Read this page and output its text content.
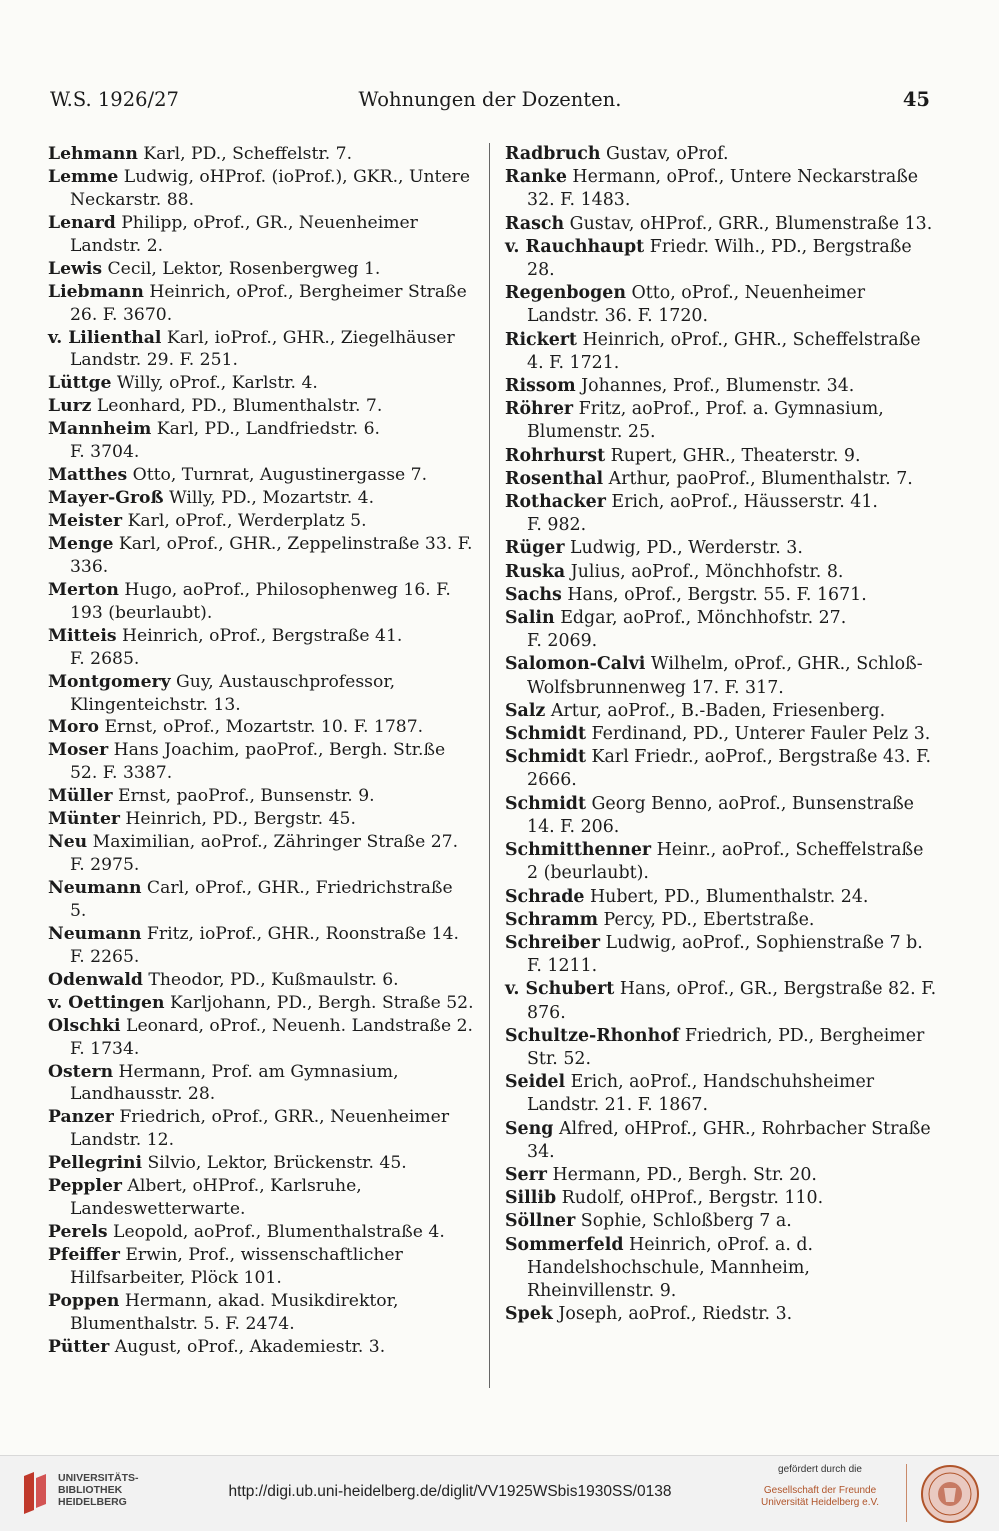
W.S. 1926/27	Wohnungen der Dozenten.	45
Lehmann Karl, PD., Scheffelstr. 7.
Lemme Ludwig, oHProf. (ioProf.), GKR., Untere Neckarstr. 88.
Lenard Philipp, oProf., GR., Neuenheimer Landstr. 2.
Lewis Cecil, Lektor, Rosenbergweg 1.
Liebmann Heinrich, oProf., Bergheimer Straße 26. F. 3670.
v. Lilienthal Karl, ioProf., GHR., Ziegelhäuser Landstr. 29. F. 251.
Lüttge Willy, oProf., Karlstr. 4.
Lurz Leonhard, PD., Blumenthalstr. 7.
Mannheim Karl, PD., Landfriedstr. 6.
F. 3704.
Matthes Otto, Turnrat, Augustinergasse 7.
Mayer-Groß Willy, PD., Mozartstr. 4.
Meister Karl, oProf., Werderplatz 5.
Menge Karl, oProf., GHR., Zeppelinstraße 33. F. 336.
Merton Hugo, aoProf., Philosophenweg 16. F. 193 (beurlaubt).
Mitteis Heinrich, oProf., Bergstraße 41.
F. 2685.
Montgomery Guy, Austauschprofessor, Klingenteichstr. 13.
Moro Ernst, oProf., Mozartstr. 10. F. 1787.
Moser Hans Joachim, paoProf., Bergh. Str.ße 52. F. 3387.
Müller Ernst, paoProf., Bunsenstr. 9.
Münter Heinrich, PD., Bergstr. 45.
Neu Maximilian, aoProf., Zähringer Straße 27. F. 2975.
Neumann Carl, oProf., GHR., Friedrichstraße 5.
Neumann Fritz, ioProf., GHR., Roonstraße 14. F. 2265.
Odenwald Theodor, PD., Kußmaulstr. 6.
v. Oettingen Karljohann, PD., Bergh. Straße 52.
Olschki Leonard, oProf., Neuenh. Landstraße 2. F. 1734.
Ostern Hermann, Prof. am Gymnasium, Landhausstr. 28.
Panzer Friedrich, oProf., GRR., Neuenheimer Landstr. 12.
Pellegrini Silvio, Lektor, Brückenstr. 45.
Peppler Albert, oHProf., Karlsruhe, Landeswetterwarte.
Perels Leopold, aoProf., Blumenthalstraße 4.
Pfeiffer Erwin, Prof., wissenschaftlicher Hilfsarbeiter, Plöck 101.
Poppen Hermann, akad. Musikdirektor, Blumenthalstr. 5. F. 2474.
Pütter August, oProf., Akademiestr. 3.
Radbruch Gustav, oProf.
Ranke Hermann, oProf., Untere Neckarstraße 32. F. 1483.
Rasch Gustav, oHProf., GRR., Blumenstraße 13.
v. Rauchhaupt Friedr. Wilh., PD., Bergstraße 28.
Regenbogen Otto, oProf., Neuenheimer Landstr. 36. F. 1720.
Rickert Heinrich, oProf., GHR., Scheffelstraße 4. F. 1721.
Rissom Johannes, Prof., Blumenstr. 34.
Röhrer Fritz, aoProf., Prof. a. Gymnasium, Blumenstr. 25.
Rohrhurst Rupert, GHR., Theaterstr. 9.
Rosenthal Arthur, paoProf., Blumenthalstr. 7.
Rothacker Erich, aoProf., Häusserstr. 41.
F. 982.
Rüger Ludwig, PD., Werderstr. 3.
Ruska Julius, aoProf., Mönchhofstr. 8.
Sachs Hans, oProf., Bergstr. 55. F. 1671.
Salin Edgar, aoProf., Mönchhofstr. 27.
F. 2069.
Salomon-Calvi Wilhelm, oProf., GHR., Schloß-Wolfsbrunnenweg 17. F. 317.
Salz Artur, aoProf., B.-Baden, Friesenberg.
Schmidt Ferdinand, PD., Unterer Fauler Pelz 3.
Schmidt Karl Friedr., aoProf., Bergstraße 43. F. 2666.
Schmidt Georg Benno, aoProf., Bunsenstraße 14. F. 206.
Schmitthenner Heinr., aoProf., Scheffelstraße 2 (beurlaubt).
Schrade Hubert, PD., Blumenthalstr. 24.
Schramm Percy, PD., Ebertstraße.
Schreiber Ludwig, aoProf., Sophienstraße 7 b. F. 1211.
v. Schubert Hans, oProf., GR., Bergstraße 82. F. 876.
Schultze-Rhonhof Friedrich, PD., Bergheimer Str. 52.
Seidel Erich, aoProf., Handschuhsheimer Landstr. 21. F. 1867.
Seng Alfred, oHProf., GHR., Rohrbacher Straße 34.
Serr Hermann, PD., Bergh. Str. 20.
Sillib Rudolf, oHProf., Bergstr. 110.
Söllner Sophie, Schloßberg 7 a.
Sommerfeld Heinrich, oProf. a. d. Handelshochschule, Mannheim, Rheinvillenstr. 9.
Spek Joseph, aoProf., Riedstr. 3.
UNIVERSITÄTS-
BIBLIOTHEK
HEIDELBERG
http://digi.ub.uni-heidelberg.de/diglit/VV1925WSbis1930SS/0138
gefördert durch die
Gesellschaft der Freunde
Universität Heidelberg e.V.
